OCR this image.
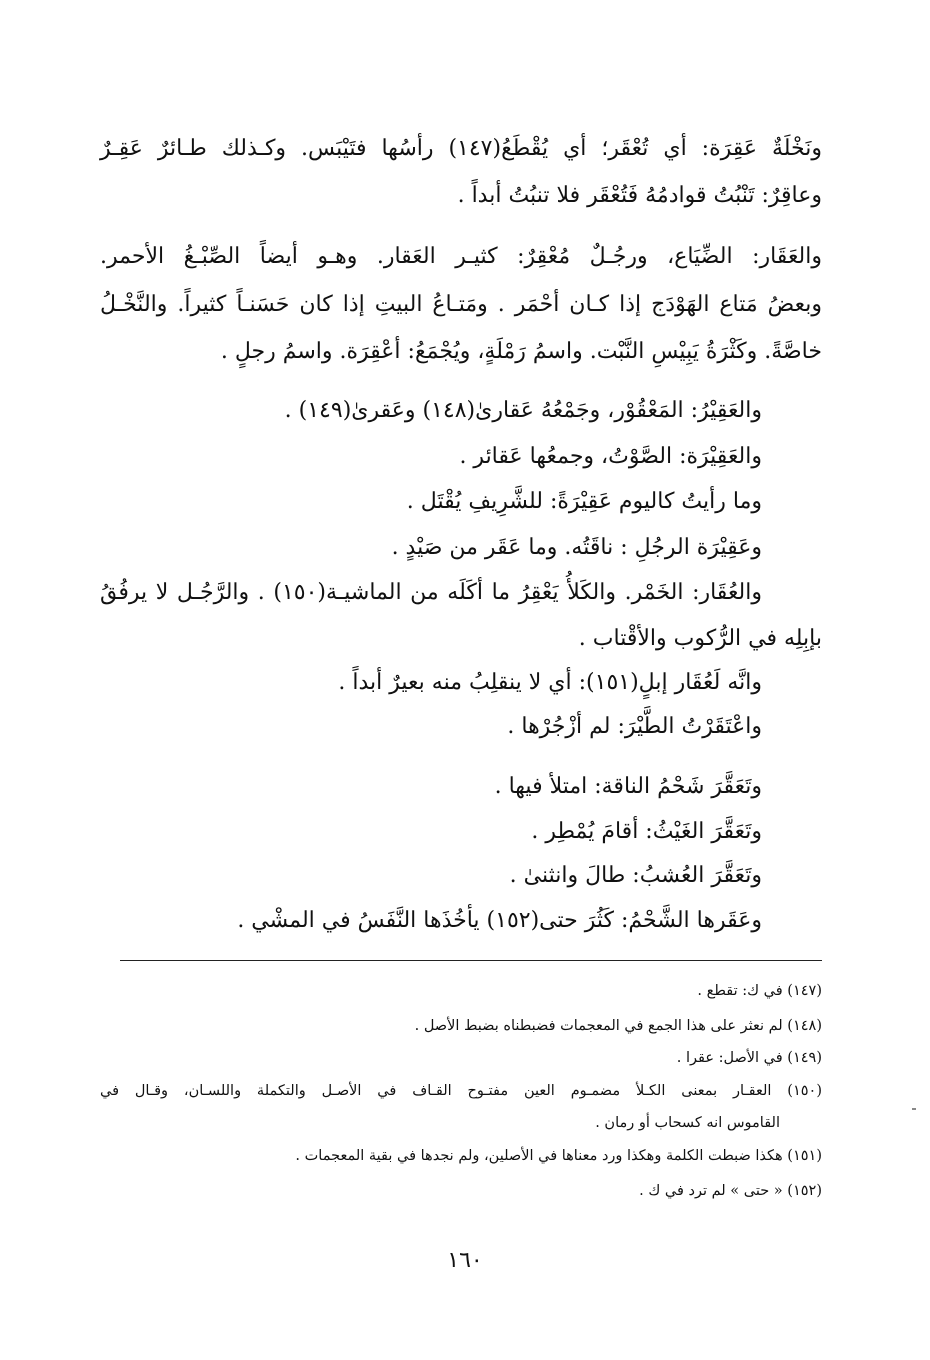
ونَخْلَةٌ عَقِرَة: أي تُعْقَر؛ أي يُقْطَعُ(١٤٧) رأسُها فتَيْبَس. وكـذلك طـائرٌ عَقِـرٌ
وعاقِرٌ: تَنْبُتُ قوادمُهُ فَتُعْقَر فلا تنبُتُ أبداً .
والعَقَار: الضِّيَاع، ورجُـلٌ مُعْقِرٌ: كثيـر العَقار. وهـو أيضاً الصِّبْـغُ الأحمر.
وبعضُ مَتاع الهَوْدَج إذا كـان أحْمَر . ومَتـاعُ البيتِ إذا كان حَسَنـاً كثيراً. والنَّخْـلُ
خاصَّةً. وكَثْرَةُ يَبِيْسِ النَّبْت. واسمُ رَمْلَةٍ، ويُجْمَعُ: أعْقِرَة. واسمُ رجلٍ .
والعَقِيْرُ: المَعْقُوْر، وجَمْعُهُ عَقارىٰ(١٤٨) وعَقرىٰ(١٤٩) .
والعَقِيْرَة: الصَّوْتُ، وجمعُها عَقائر .
وما رأيتُ كاليوم عَقِيْرَةً: للشَّرِيفِ يُقْتَل .
وعَقِيْرَة الرجُلِ : ناقَتُه. وما عَقَر من صَيْدٍ .
والعُقَار: الخَمْر. والكَلأُ يَعْقِرُ ما أكَلَه من الماشيـة(١٥٠) . والرَّجُـل لا يرفُقُ
بإبِلِه في الرُّكوب والأقْتاب .
وانَّه لَعُقَار إبلٍ(١٥١): أي لا ينقلِبُ منه بعيرٌ أبداً .
واعْتَقَرْتُ الطَّيْرَ: لم أزْجُرْها .
وتَعَقَّرَ شَحْمُ الناقة: امتلأ فيها .
وتَعَقَّرَ الغَيْثُ: أقامَ يُمْطِر .
وتَعَقَّرَ العُشبُ: طالَ وانثنىٰ .
وعَقَرها الشَّحْمُ: كَثُرَ حتى(١٥٢) يأخُذَها النَّفَسُ في المشْي .
(١٤٧) في ك: تقطع .
(١٤٨) لم نعثر على هذا الجمع في المعجمات فضبطناه بضبط الأصل .
(١٤٩) في الأصل: عقرا .
(١٥٠) العقـار بمعنى الكـلأ مضمـوم العين مفتـوح القـاف في الأصـل والتكملة واللسـان، وقـال في
القاموس انه كسحاب أو رمان .
(١٥١) هكذا ضبطت الكلمة وهكذا ورد معناها في الأصلين، ولم نجدها في بقية المعجمات .
(١٥٢) « حتى » لم ترد في ك .
١٦٠
